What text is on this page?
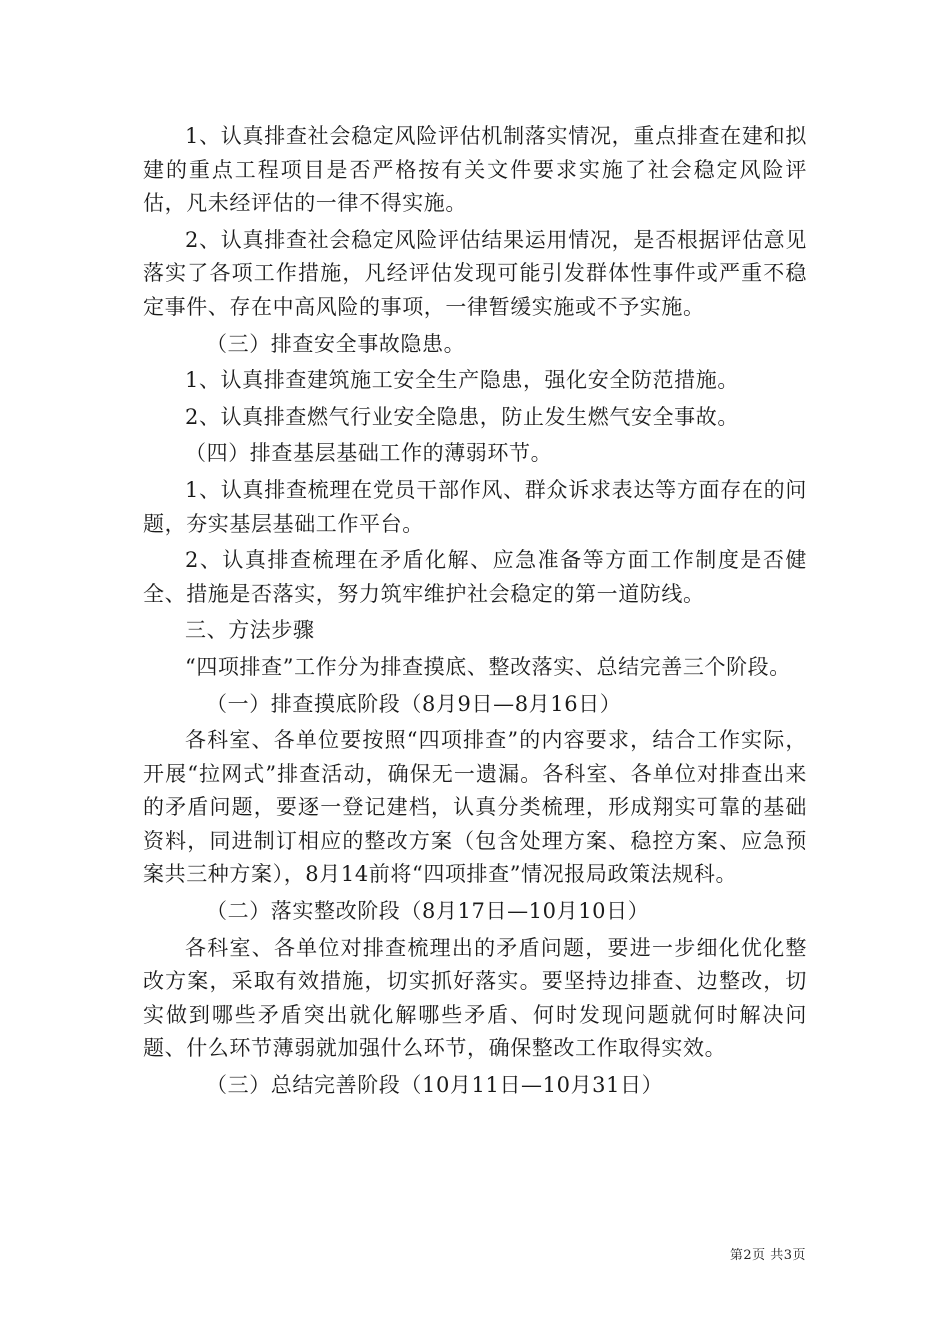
1、认真排查社会稳定风险评估机制落实情况，重点排查在建和拟建的重点工程项目是否严格按有关文件要求实施了社会稳定风险评估，凡未经评估的一律不得实施。

2、认真排查社会稳定风险评估结果运用情况，是否根据评估意见落实了各项工作措施，凡经评估发现可能引发群体性事件或严重不稳定事件、存在中高风险的事项，一律暂缓实施或不予实施。

（三）排查安全事故隐患。

1、认真排查建筑施工安全生产隐患，强化安全防范措施。

2、认真排查燃气行业安全隐患，防止发生燃气安全事故。

（四）排查基层基础工作的薄弱环节。

1、认真排查梳理在党员干部作风、群众诉求表达等方面存在的问题，夯实基层基础工作平台。

2、认真排查梳理在矛盾化解、应急准备等方面工作制度是否健全、措施是否落实，努力筑牢维护社会稳定的第一道防线。

三、方法步骤

“四项排查”工作分为排查摸底、整改落实、总结完善三个阶段。

（一）排查摸底阶段（8月9日—8月16日）

各科室、各单位要按照“四项排查”的内容要求，结合工作实际，开展“拉网式”排查活动，确保无一遗漏。各科室、各单位对排查出来的矛盾问题，要逐一登记建档，认真分类梳理，形成翔实可靠的基础资料，同进制订相应的整改方案（包含处理方案、稳控方案、应急预案共三种方案），8月14前将“四项排查”情况报局政策法规科。

（二）落实整改阶段（8月17日—10月10日）

各科室、各单位对排查梳理出的矛盾问题，要进一步细化优化整改方案，采取有效措施，切实抓好落实。要坚持边排查、边整改，切实做到哪些矛盾突出就化解哪些矛盾、何时发现问题就何时解决问题、什么环节薄弱就加强什么环节，确保整改工作取得实效。

（三）总结完善阶段（10月11日—10月31日）

第2页 共3页
